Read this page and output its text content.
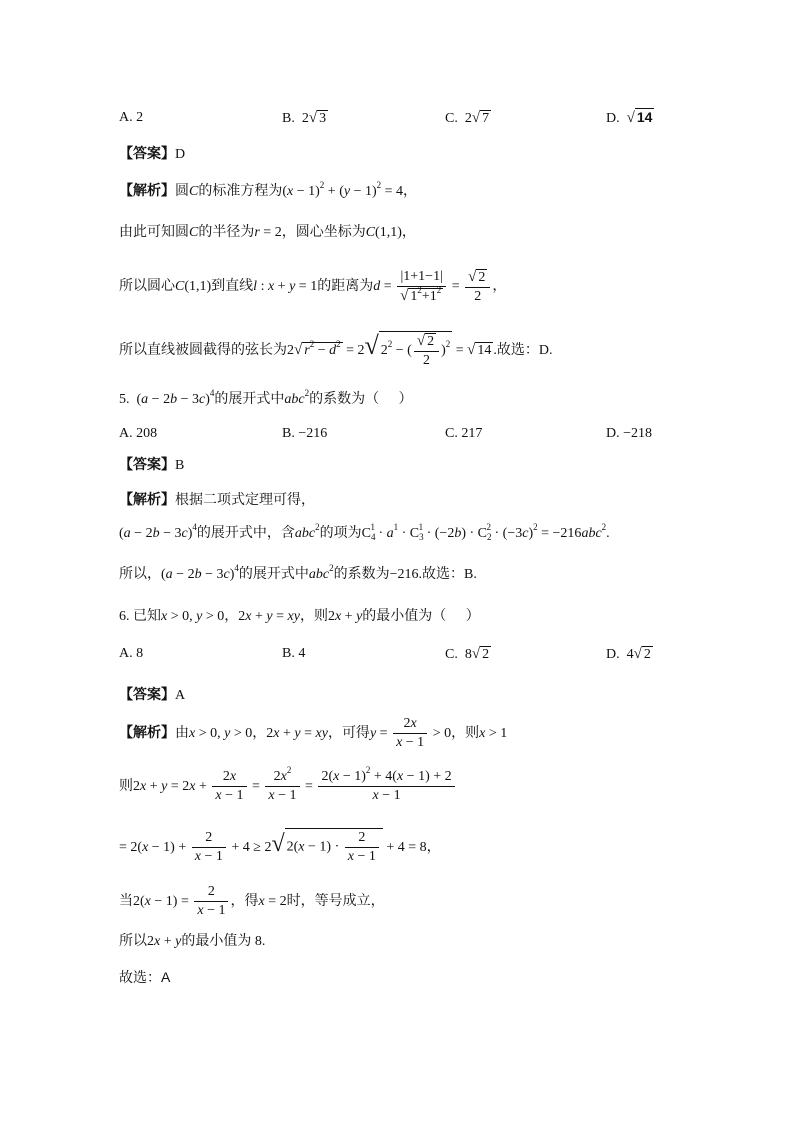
A. 2	B.  2√ 3	C.  2√ 7	D.  √ 14
【答案】D
【解析】圆C的标准方程为$(x - 1)^2 + (y - 1)^2 = 4$，
由此可知圆C的半径为r = 2，圆心坐标为C(1,1)，
所以圆心C(1,1)到直线l : x + y = 1的距离为$d = \frac{|1+1-1|}{√ 1^2+1^2} = \frac{√ 2}{2}$ ，
所以直线被圆截得的弦长为2√ $r^2 - d^2 = 2√$ $2^2$ − ( $\frac{√ 2}{2} )^2$ = √ 14 .故选：D.
5.  $(a - 2b - 3c)^4$的展开式中abc$^2$的系数为（     ）
A. 208	B. −216	C. 217	D. −218
【答案】B
【解析】根据二项式定理可得，
$(a - 2b - 3c)^4$的展开式中，含abc$^2$的项为$C_4^1 \cdot a^1 \cdot C_3^1 \cdot (-2b) \cdot C_2^2 \cdot (-3c)^2 = -216abc^2$.
所以，$(a - 2b - 3c)^4$的展开式中abc$^2$的系数为−216.故选：B.
6. 已知x > 0, y > 0，2x + y = xy，则2x + y的最小值为（     ）
A. 8	B. 4	C.  8√ 2	D.  4√ 2
【答案】A
【解析】由x > 0, y > 0，2x + y = xy，可得$y = \frac{2x}{x - 1} > 0$，则x > 1
则$2x + y = 2x + \frac{2x}{x - 1} = \frac{2x^2}{x - 1} = \frac{2(x - 1)^2 + 4(x - 1) + 2}{x - 1}$
= $2(x - 1) + \frac{2}{x - 1} + 4 \ge 2√$ $2(x - 1) \cdot \frac{2}{x - 1} + 4 = 8$，
当$2(x - 1) = \frac{2}{x - 1}$ ，得x = 2时，等号成立，
所以2x + y的最小值为 8.
故选：A
